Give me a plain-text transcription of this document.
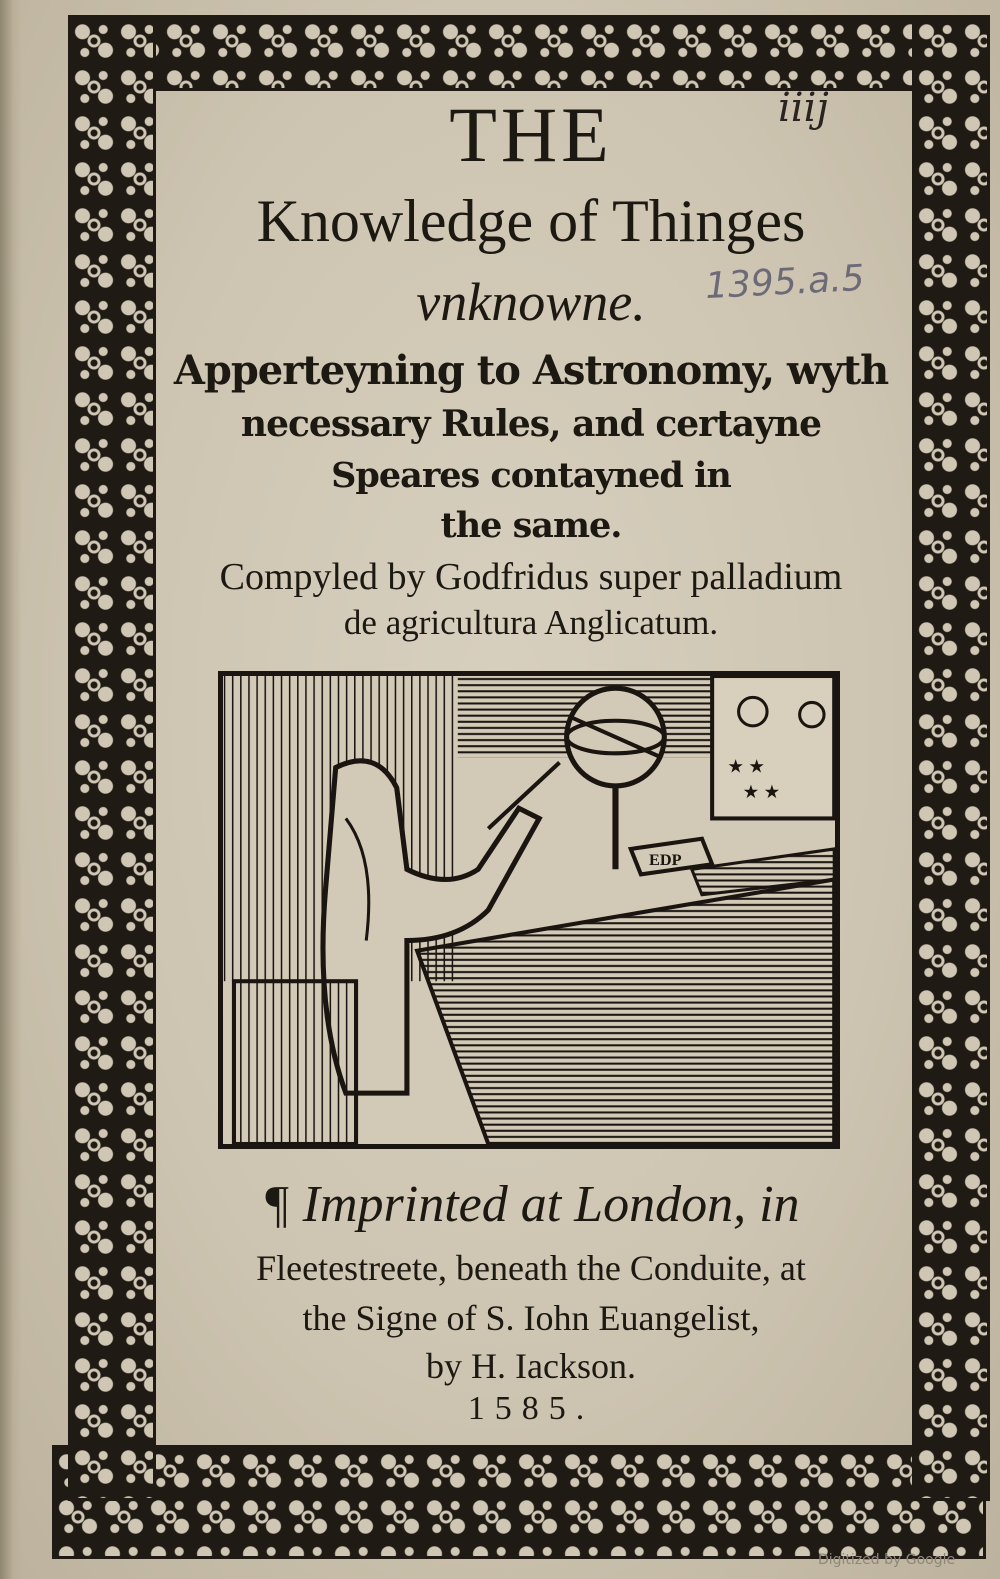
iiij
1395.a.5
THE
Knowledge of Thinges
vnknowne.
Apperteyning to Astronomy, wyth
necessary Rules, and certayne
Speares contayned in
the same.
Compyled by Godfridus super palladium
de agricultura Anglicatum.
★ ★
★ ★
EDP
¶ Imprinted at London, in
Fleetestreete, beneath the Conduite, at
the Signe of S. Iohn Euangelist,
by H. Iackson.
1585.
Digitized by Google
